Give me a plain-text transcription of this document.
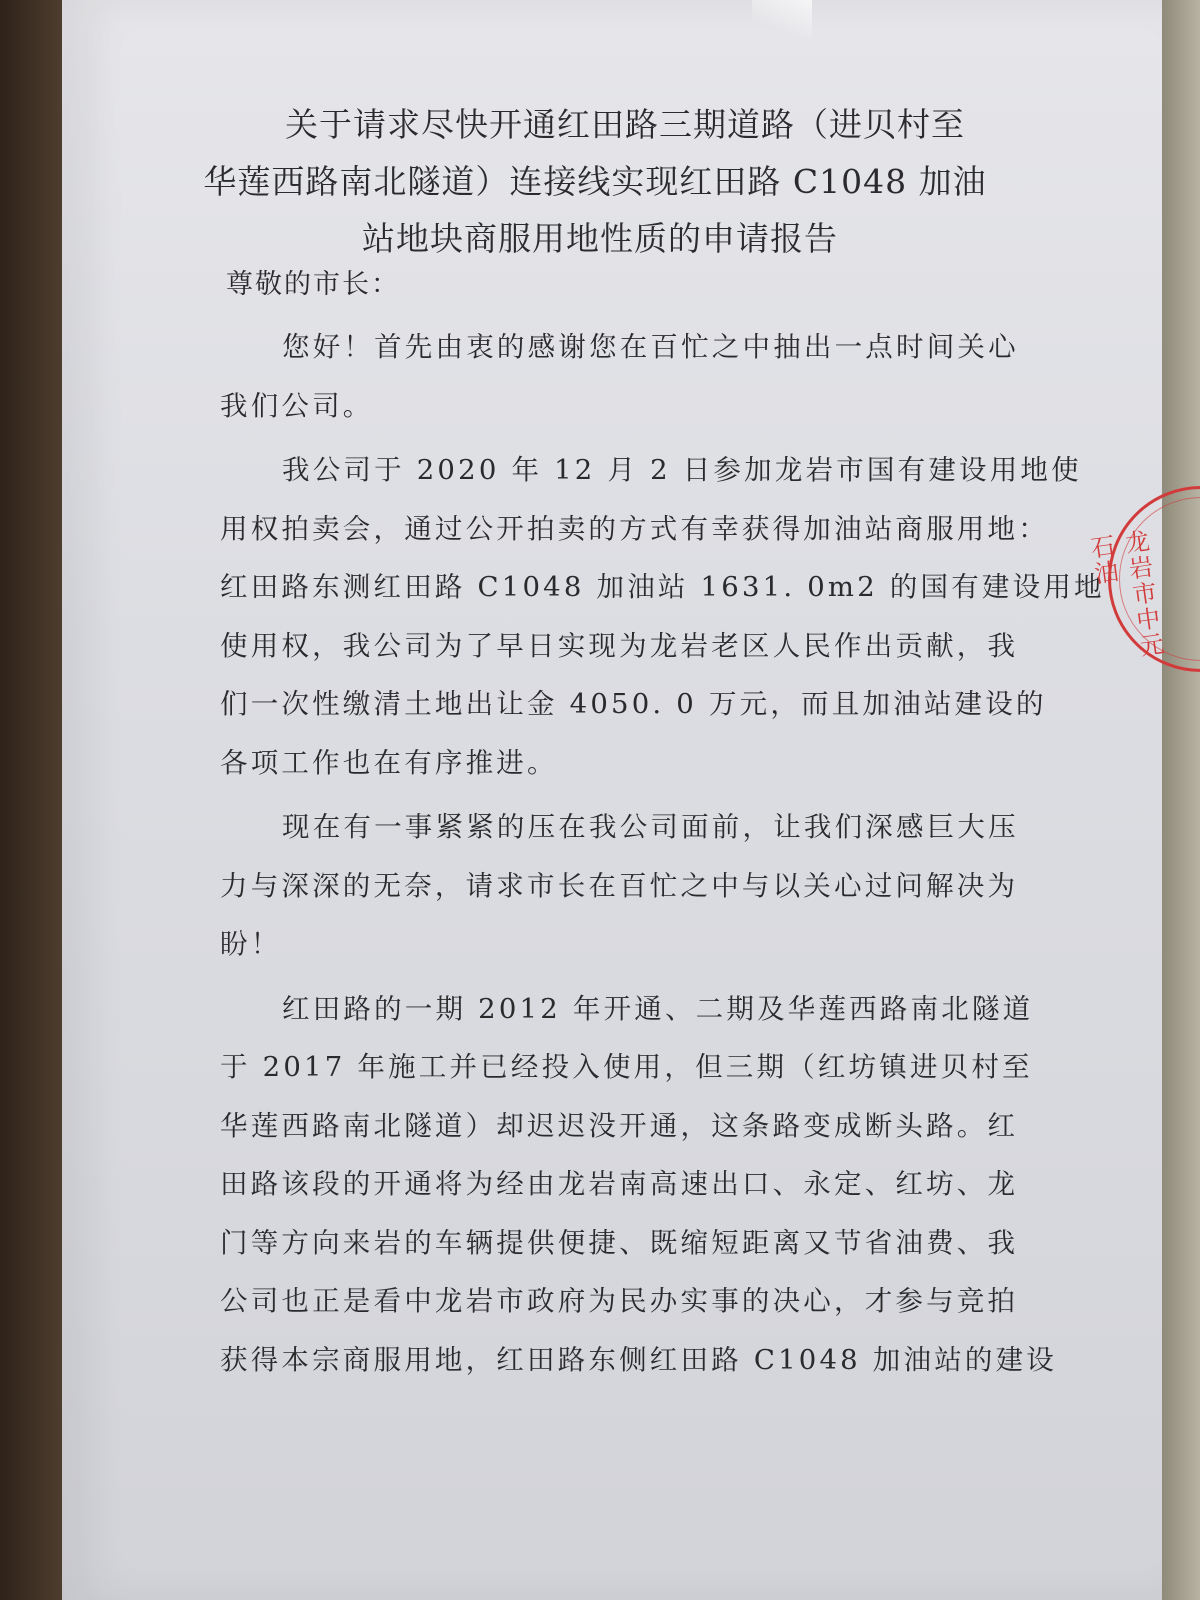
关于请求尽快开通红田路三期道路（进贝村至
华莲西路南北隧道）连接线实现红田路 C1048 加油
站地块商服用地性质的申请报告
尊敬的市长：
您好！首先由衷的感谢您在百忙之中抽出一点时间关心
我们公司。
我公司于 2020 年 12 月 2 日参加龙岩市国有建设用地使
用权拍卖会，通过公开拍卖的方式有幸获得加油站商服用地：
红田路东测红田路 C1048 加油站 1631. 0m2 的国有建设用地
使用权，我公司为了早日实现为龙岩老区人民作出贡献，我
们一次性缴清土地出让金 4050. 0 万元，而且加油站建设的
各项工作也在有序推进。
现在有一事紧紧的压在我公司面前，让我们深感巨大压
力与深深的无奈，请求市长在百忙之中与以关心过问解决为
盼！
红田路的一期 2012 年开通、二期及华莲西路南北隧道
于 2017 年施工并已经投入使用，但三期（红坊镇进贝村至
华莲西路南北隧道）却迟迟没开通，这条路变成断头路。红
田路该段的开通将为经由龙岩南高速出口、永定、红坊、龙
门等方向来岩的车辆提供便捷、既缩短距离又节省油费、我
公司也正是看中龙岩市政府为民办实事的决心，才参与竞拍
获得本宗商服用地，红田路东侧红田路 C1048 加油站的建设
龙岩市中元石油
